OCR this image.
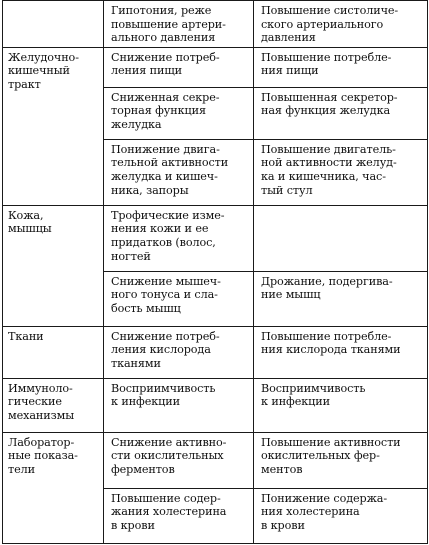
	Гипотония, реже
повышение артери-
ального давления	Повышение систоличе-
ского артериального
давления

Желудочно-
кишечный
тракт	Снижение потреб-
ления пищи	Повышение потребле-
ния пищи

	Сниженная секре-
торная функция
желудка	Повышенная секретор-
ная функция желудка

	Понижение двига-
тельной активности
желудка и кишеч-
ника, запоры	Повышение двигатель-
ной активности желуд-
ка и кишечника, час-
тый стул

Кожа,
мышцы	Трофические изме-
нения кожи и ее
придатков (волос,
ногтей	

	Снижение мышеч-
ного тонуса и сла-
бость мышц	Дрожание, подергива-
ние мышц

Ткани	Снижение потреб-
ления кислорода
тканями	Повышение потребле-
ния кислорода тканями

Иммуноло-
гические
механизмы	Восприимчивость
к инфекции	Восприимчивость
к инфекции

Лаборатор-
ные показа-
тели	Снижение активно-
сти окислительных
ферментов	Повышение активности
окислительных фер-
ментов

	Повышение содер-
жания холестерина
в крови	Понижение содержа-
ния холестерина
в крови
